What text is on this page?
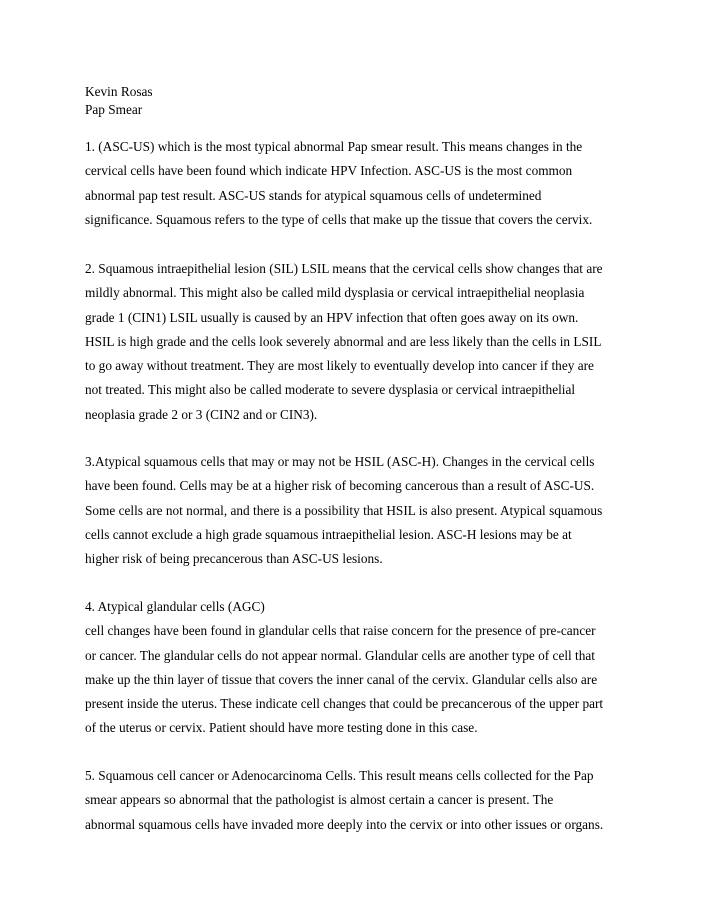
Kevin Rosas
Pap Smear
1. (ASC-US) which is the most typical abnormal Pap smear result. This means changes in the
cervical cells have been found which indicate HPV Infection. ASC-US is the most common
abnormal pap test result. ASC-US stands for atypical squamous cells of undetermined
significance. Squamous refers to the type of cells that make up the tissue that covers the cervix.
2. Squamous intraepithelial lesion (SIL) LSIL means that the cervical cells show changes that are
mildly abnormal. This might also be called mild dysplasia or cervical intraepithelial neoplasia
grade 1 (CIN1) LSIL usually is caused by an HPV infection that often goes away on its own.
HSIL is high grade and the cells look severely abnormal and are less likely than the cells in LSIL
to go away without treatment. They are most likely to eventually develop into cancer if they are
not treated. This might also be called moderate to severe dysplasia or cervical intraepithelial
neoplasia grade 2 or 3 (CIN2 and or CIN3).
3.Atypical squamous cells that may or may not be HSIL (ASC-H). Changes in the cervical cells
have been found. Cells may be at a higher risk of becoming cancerous than a result of ASC-US.
Some cells are not normal, and there is a possibility that HSIL is also present. Atypical squamous
cells cannot exclude a high grade squamous intraepithelial lesion. ASC-H lesions may be at
higher risk of being precancerous than ASC-US lesions.
4. Atypical glandular cells (AGC)
cell changes have been found in glandular cells that raise concern for the presence of pre-cancer
or cancer. The glandular cells do not appear normal. Glandular cells are another type of cell that
make up the thin layer of tissue that covers the inner canal of the cervix. Glandular cells also are
present inside the uterus. These indicate cell changes that could be precancerous of the upper part
of the uterus or cervix. Patient should have more testing done in this case.
5. Squamous cell cancer or Adenocarcinoma Cells. This result means cells collected for the Pap
smear appears so abnormal that the pathologist is almost certain a cancer is present. The
abnormal squamous cells have invaded more deeply into the cervix or into other issues or organs.
